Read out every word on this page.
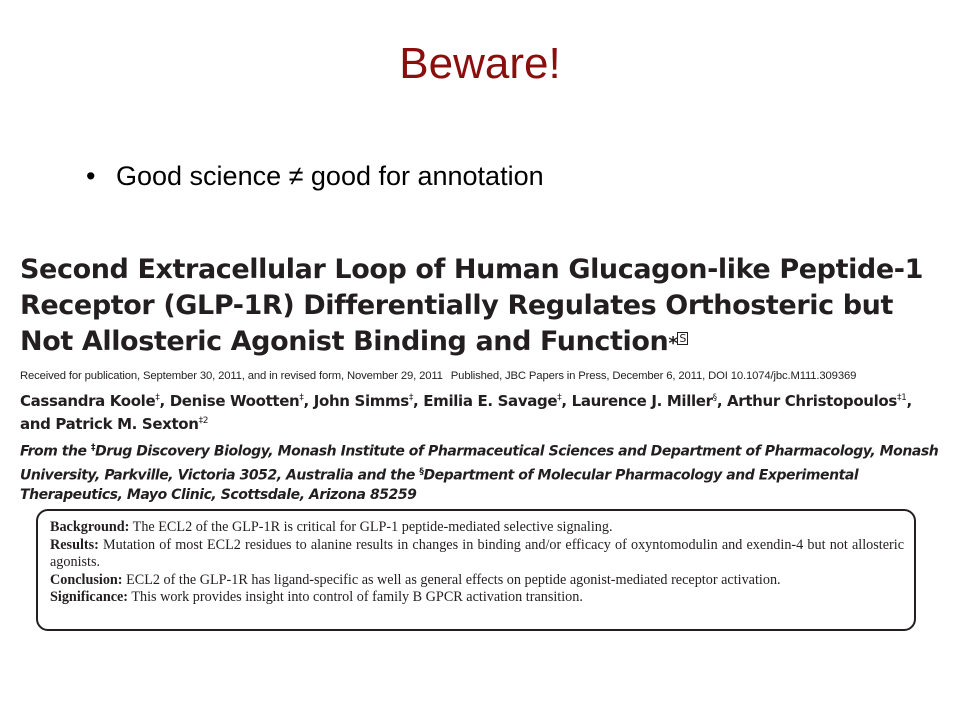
Beware!
• Good science ≠ good for annotation
Second Extracellular Loop of Human Glucagon-like Peptide-1
Receptor (GLP-1R) Differentially Regulates Orthosteric but
Not Allosteric Agonist Binding and Function* S
Received for publication, September 30, 2011, and in revised form, November 29, 2011 Published, JBC Papers in Press, December 6, 2011, DOI 10.1074/jbc.M111.309369
Cassandra Koole‡, Denise Wootten‡, John Simms‡, Emilia E. Savage‡, Laurence J. Miller§, Arthur Christopoulos$^{\ddagger 1}$,
and Patrick M. Sexton$^{\ddagger 2}$
From the ‡Drug Discovery Biology, Monash Institute of Pharmaceutical Sciences and Department of Pharmacology, Monash University, Parkville, Victoria 3052, Australia and the §Department of Molecular Pharmacology and Experimental Therapeutics, Mayo Clinic, Scottsdale, Arizona 85259

Background: The ECL2 of the GLP-1R is critical for GLP-1 peptide-mediated selective signaling.

Results: Mutation of most ECL2 residues to alanine results in changes in binding and/or efficacy of oxyntomodulin and exendin-4 but not allosteric agonists.

Conclusion: ECL2 of the GLP-1R has ligand-specific as well as general effects on peptide agonist-mediated receptor activation.

Significance: This work provides insight into control of family B GPCR activation transition.
